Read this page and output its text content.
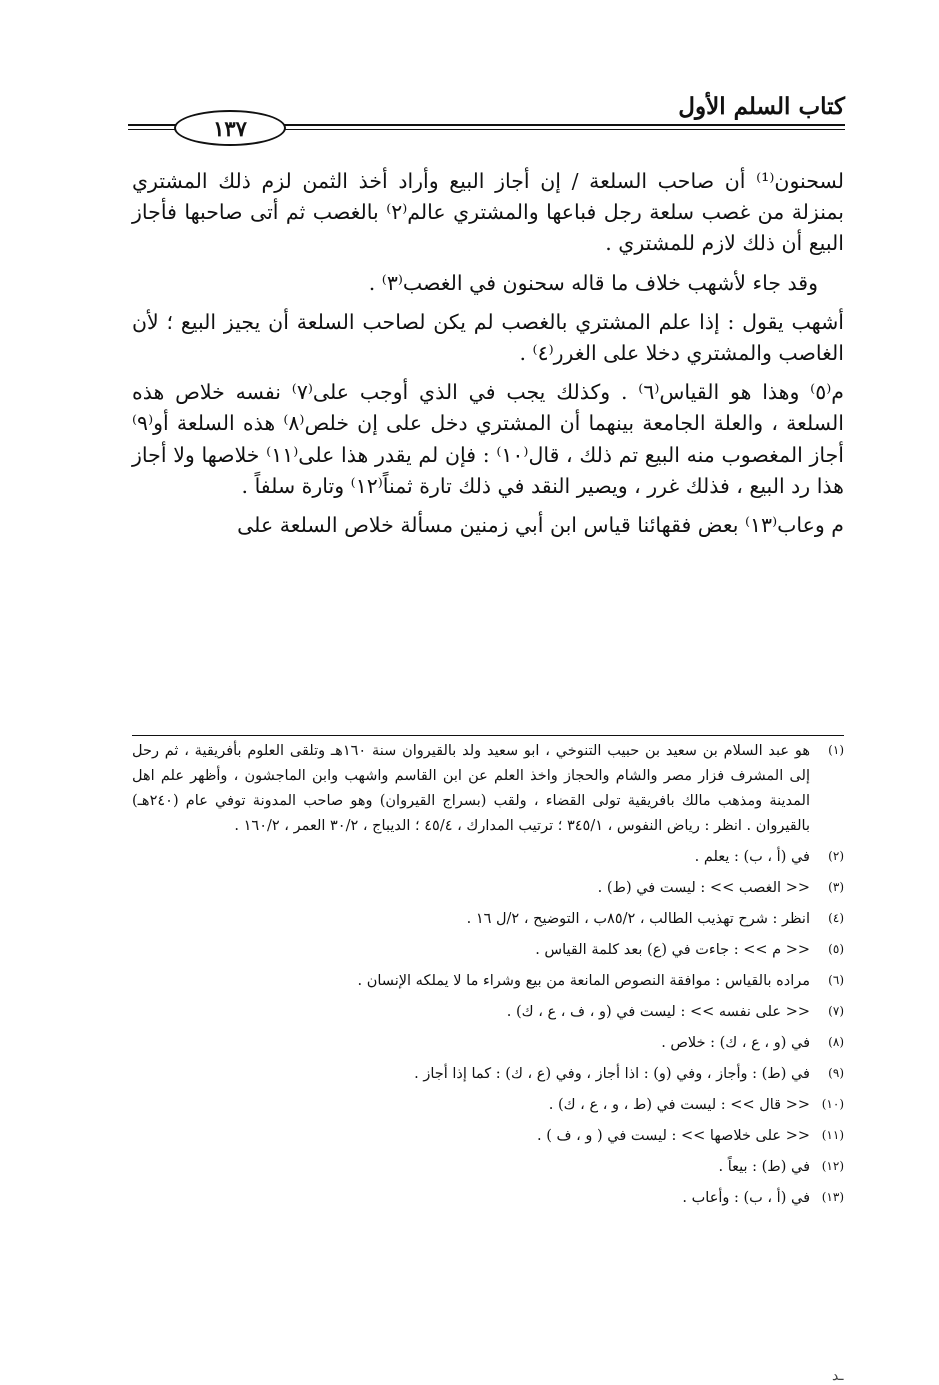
كتاب السلم الأول
١٣٧

لسحنون⁽¹⁾ أن صاحب السلعة / إن أجاز البيع وأراد أخذ الثمن لزم ذلك المشتري بمنزلة من غصب سلعة رجل فباعها والمشتري عالم⁽٢⁾ بالغصب ثم أتى صاحبها فأجاز البيع أن ذلك لازم للمشتري .

وقد جاء لأشهب خلاف ما قاله سحنون في الغصب⁽٣⁾ .

أشهب يقول : إذا علم المشتري بالغصب لم يكن لصاحب السلعة أن يجيز البيع ؛ لأن الغاصب والمشتري دخلا على الغرر⁽٤⁾ .

م⁽٥⁾ وهذا هو القياس⁽٦⁾ . وكذلك يجب في الذي أوجب على⁽٧⁾ نفسه خلاص هذه السلعة ، والعلة الجامعة بينهما أن المشتري دخل على إن خلص⁽٨⁾ هذه السلعة أو⁽٩⁾ أجاز المغصوب منه البيع تم ذلك ، قال⁽١٠⁾ : فإن لم يقدر هذا على⁽١١⁾ خلاصها ولا أجاز هذا رد البيع ، فذلك غرر ، ويصير النقد في ذلك تارة ثمناً⁽١٢⁾ وتارة سلفاً .

م وعاب⁽١٣⁾ بعض فقهائنا قياس ابن أبي زمنين مسألة خلاص السلعة على

(١)
هو عبد السلام بن سعيد بن حبيب التنوخي ، ابو سعيد ولد بالقيروان سنة ١٦٠هـ وتلقى العلوم بأفريقية ، ثم رحل إلى المشرف فزار مصر والشام والحجاز واخذ العلم عن ابن القاسم واشهب وابن الماجشون ، وأظهر علم اهل المدينة ومذهب مالك بافريقية تولى القضاء ، ولقب (بسراج القيروان) وهو صاحب المدونة توفي عام (٢٤٠هـ) بالقيروان . انظر : رياض النفوس ، ٣٤٥/١ ؛ ترتيب المدارك ، ٤٥/٤ ؛ الديباج ، ٣٠/٢ العمر ، ١٦٠/٢ .
(٢)
في (أ ، ب) : يعلم .
(٣)
<< الغصب >> : ليست في (ط) .
(٤)
انظر : شرح تهذيب الطالب ، ٨٥/٢ب ، التوضيح ، ٢/ل ١٦ .
(٥)
<< م >> : جاءت في (ع) بعد كلمة القياس .
(٦)
مراده بالقياس : موافقة النصوص المانعة من بيع وشراء ما لا يملكه الإنسان .
(٧)
<< على نفسه >> : ليست في (و ، ف ، ع ، ك) .
(٨)
في (و ، ع ، ك) : خلاص .
(٩)
في (ط) : وأجاز ، وفي (و) : اذا أجاز ، وفي (ع ، ك) : كما إذا أجاز .
(١٠)
<< قال >> : ليست في (ط ، و ، ع ، ك) .
(١١)
<< على خلاصها >> : ليست في ( و ، ف ) .
(١٢)
في (ط) : بيعاً .
(١٣)
في (أ ، ب) : وأعاب .
ـد
